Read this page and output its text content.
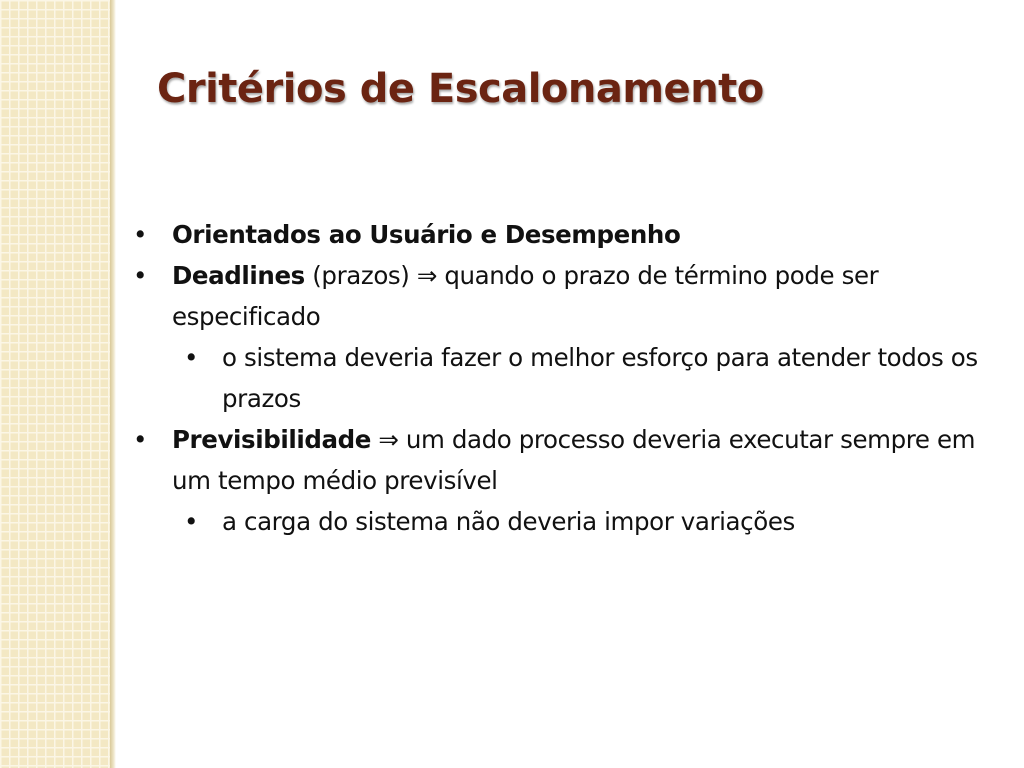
Critérios de Escalonamento
• Orientados ao Usuário e Desempenho
• Deadlines (prazos) ⇒ quando o prazo de término pode ser especificado
• o sistema deveria fazer o melhor esforço para atender todos os prazos
• Previsibilidade ⇒ um dado processo deveria executar sempre em um tempo médio previsível
• a carga do sistema não deveria impor variações
